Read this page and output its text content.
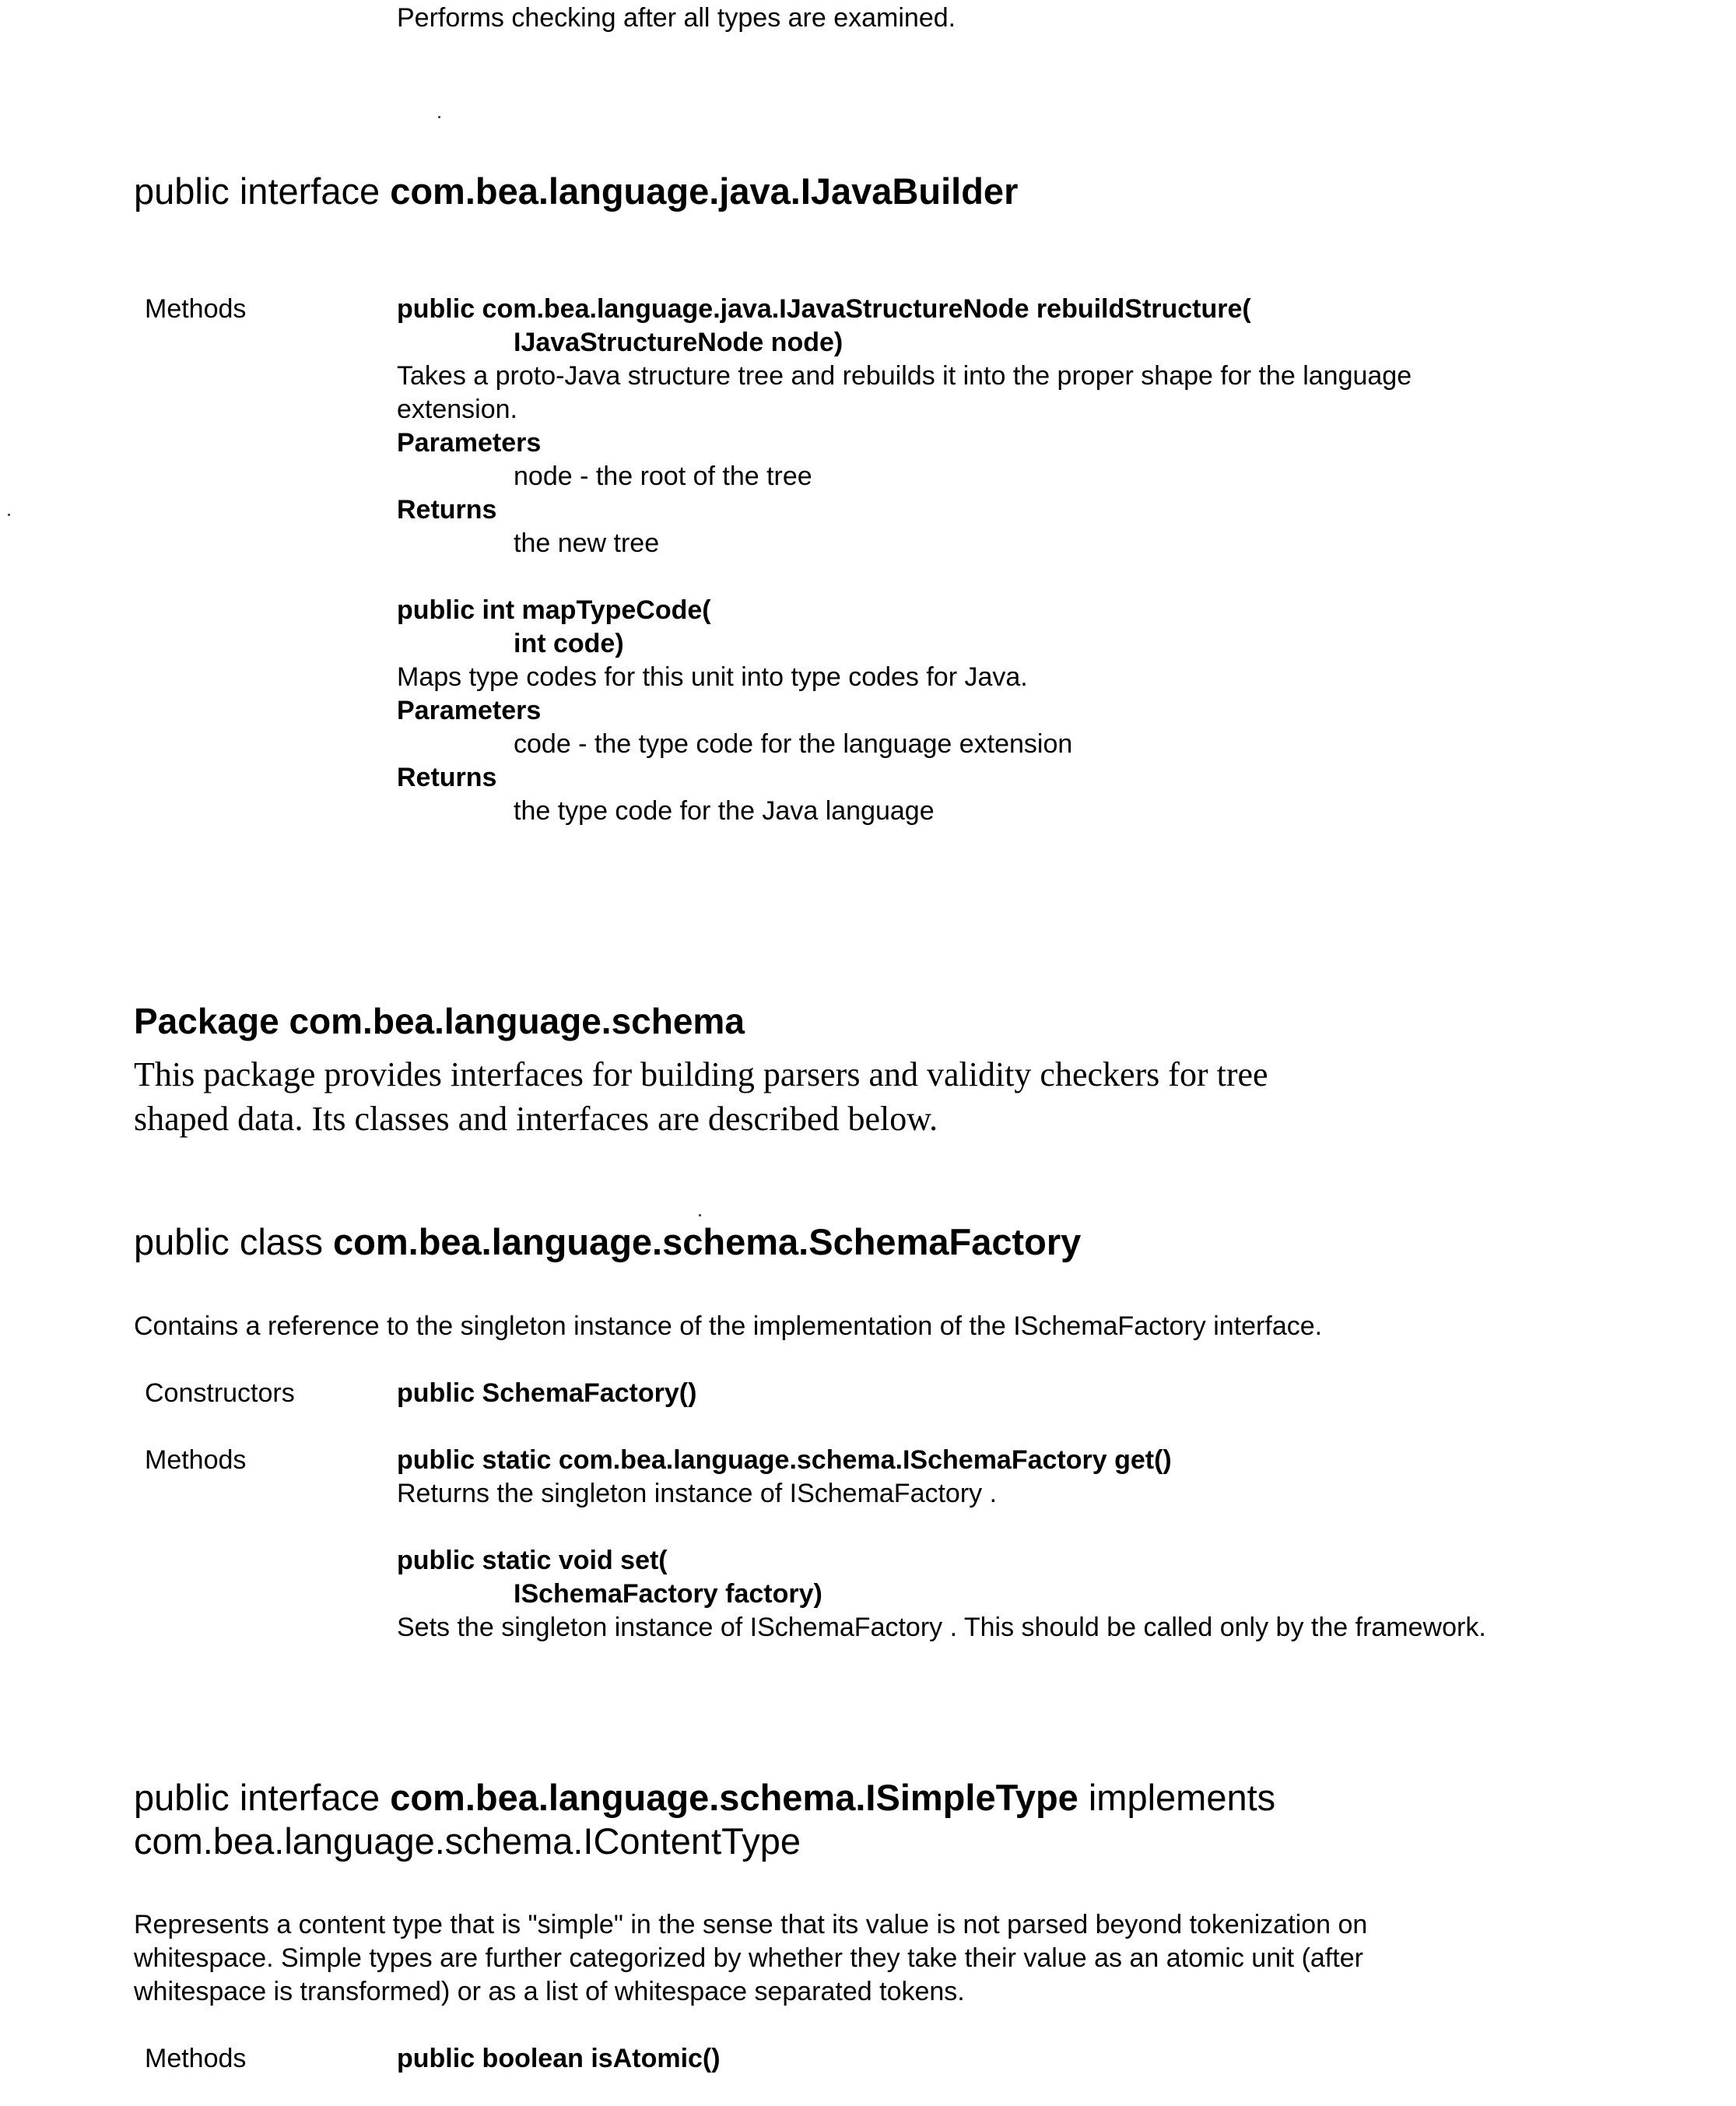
Performs checking after all types are examined.
public interface com.bea.language.java.IJavaBuilder
Methods	public com.bea.language.java.IJavaStructureNode rebuildStructure(
IJavaStructureNode node)
Takes a proto-Java structure tree and rebuilds it into the proper shape for the language
extension.
Parameters
node - the root of the tree
Returns
the new tree
public int mapTypeCode(
int code)
Maps type codes for this unit into type codes for Java.
Parameters
code - the type code for the language extension
Returns
the type code for the Java language
Package com.bea.language.schema
This package provides interfaces for building parsers and validity checkers for tree
shaped data. Its classes and interfaces are described below.
public class com.bea.language.schema.SchemaFactory
Contains a reference to the singleton instance of the implementation of the ISchemaFactory interface.
Constructors	public SchemaFactory()
Methods	public static com.bea.language.schema.ISchemaFactory get()
Returns the singleton instance of ISchemaFactory .
public static void set(
ISchemaFactory factory)
Sets the singleton instance of ISchemaFactory . This should be called only by the framework.
public interface com.bea.language.schema.ISimpleType implements
com.bea.language.schema.IContentType
Represents a content type that is "simple" in the sense that its value is not parsed beyond tokenization on
whitespace. Simple types are further categorized by whether they take their value as an atomic unit (after
whitespace is transformed) or as a list of whitespace separated tokens.
Methods	public boolean isAtomic()
